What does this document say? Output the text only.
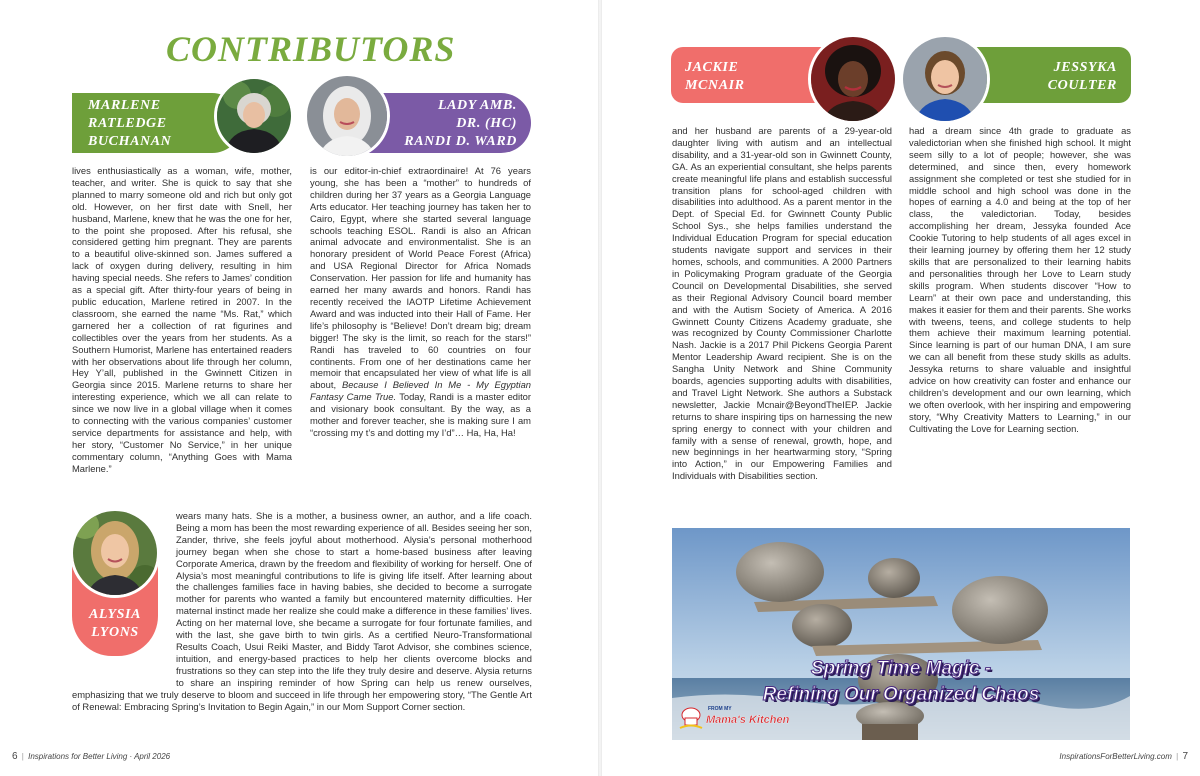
CONTRIBUTORS
MARLENE
RATLEDGE
BUCHANAN
LADY AMB.
DR. (HC)
RANDI D. WARD
lives enthusiastically as a woman, wife, mother, teacher, and writer. She is quick to say that she planned to marry someone old and rich but only got old. However, on her first date with Snell, her husband, Marlene, knew that he was the one for her, to the point she proposed. After his refusal, she considered getting him pregnant. They are parents to a beautiful olive-skinned son. James suffered a lack of oxygen during delivery, resulting in him having special needs. She refers to James’ condition as a special gift. After thirty-four years of being in public education, Marlene retired in 2007. In the classroom, she earned the name “Ms. Rat,” which garnered her a collection of rat figurines and collectibles over the years from her students. As a Southern Humorist, Marlene has entertained readers with her observations about life through her column, Hey Y’all, published in the Gwinnett Citizen in Georgia since 2015. Marlene returns to share her interesting experience, which we all can relate to since we now live in a global village when it comes to connecting with the various companies’ customer service departments for assistance and help, with her story, “Customer No Service,” in her unique commentary column, “Anything Goes with Mama Marlene.”
is our editor-in-chief extraordinaire! At 76 years young, she has been a “mother” to hundreds of children during her 37 years as a Georgia Language Arts educator. Her teaching journey has taken her to Cairo, Egypt, where she started several language schools teaching ESOL. Randi is also an African animal advocate and environmentalist. She is an honorary president of World Peace Forest (Africa) and USA Regional Director for Africa Nomads Conservation. Her passion for life and humanity has earned her many awards and honors. Randi has recently received the IAOTP Lifetime Achievement Award and was inducted into their Hall of Fame. Her life’s philosophy is “Believe! Don’t dream big; dream bigger! The sky is the limit, so reach for the stars!” Randi has traveled to 60 countries on four continents. From one of her destinations came her memoir that encapsulated her view of what life is all about, Because I Believed In Me - My Egyptian Fantasy Came True. Today, Randi is a master editor and visionary book consultant. By the way, as a mother and forever teacher, she is making sure I am “crossing my t’s and dotting my I’d”… Ha, Ha, Ha!
ALYSIA
LYONS
wears many hats. She is a mother, a business owner, an author, and a life coach. Being a mom has been the most rewarding experience of all. Besides seeing her son, Zander, thrive, she feels joyful about motherhood. Alysia’s personal motherhood journey began when she chose to start a home-based business after leaving Corporate America, drawn by the freedom and flexibility of working for herself. One of Alysia’s most meaningful contributions to life is giving life itself. After learning about the challenges families face in having babies, she decided to become a surrogate mother for parents who wanted a family but encountered maternity difficulties. Her maternal instinct made her realize she could make a difference in these families’ lives. Acting on her maternal love, she became a surrogate for four fortunate families, and with the last, she gave birth to twin girls. As a certified Neuro-Transformational Results Coach, Usui Reiki Master, and Biddy Tarot Advisor, she combines science, intuition, and energy-based practices to help her clients overcome blocks and frustrations so they can step into the life they truly desire and deserve. Alysia returns to share an inspiring reminder of how Spring can help us renew ourselves, emphasizing that we truly deserve to bloom and succeed in life through her empowering story, “The Gentle Art of Renewal: Embracing Spring’s Invitation to Begin Again,” in our Mom Support Corner section.
6 | Inspirations for Better Living · April 2026
JACKIE
MCNAIR
JESSYKA
COULTER
and her husband are parents of a 29-year-old daughter living with autism and an intellectual disability, and a 31-year-old son in Gwinnett County, GA. As an experiential consultant, she helps parents create meaningful life plans and establish successful transition plans for school-aged children with disabilities into adulthood. As a parent mentor in the Dept. of Special Ed. for Gwinnett County Public School Sys., she helps families understand the Individual Education Program for special education students navigate support and services in their homes, schools, and communities. A 2000 Partners in Policymaking Program graduate of the Georgia Council on Developmental Disabilities, she served as their Regional Advisory Council board member and with the Autism Society of America. A 2016 Gwinnett County Citizens Academy graduate, she was recognized by County Commissioner Charlotte Nash. Jackie is a 2017 Phil Pickens Georgia Parent Mentor Leadership Award recipient. She is on the Sangha Unity Network and Shine Community boards, agencies supporting adults with disabilities, and Travel Light Network. She authors a Substack newsletter, Jackie Mcnair@BeyondTheIEP. Jackie returns to share inspiring tips on harnessing the new spring energy to connect with your children and family with a sense of renewal, growth, hope, and new beginnings in her heartwarming story, “Spring into Action,” in our Empowering Families and Individuals with Disabilities section.
had a dream since 4th grade to graduate as valedictorian when she finished high school. It might seem silly to a lot of people; however, she was determined, and since then, every homework assignment she completed or test she studied for in middle school and high school was done in the hopes of earning a 4.0 and being at the top of her class, the valedictorian. Today, besides accomplishing her dream, Jessyka founded Ace Cookie Tutoring to help students of all ages excel in their learning journey by offering them her 12 study skills that are personalized to their learning habits and personalities through her Love to Learn study skills program. When students discover “How to Learn” at their own pace and understanding, this makes it easier for them and their parents. She works with tweens, teens, and college students to help them achieve their maximum learning potential. Since learning is part of our human DNA, I am sure we can all benefit from these study skills as adults. Jessyka returns to share valuable and insightful advice on how creativity can foster and enhance our children’s development and our own learning, which we often overlook, with her inspiring and empowering story, “Why Creativity Matters to Learning,” in our Cultivating the Love for Learning section.
Spring Time Magic -
Refining Our Organized Chaos
FROM MY
Mama's Kitchen
InspirationsForBetterLiving.com | 7
